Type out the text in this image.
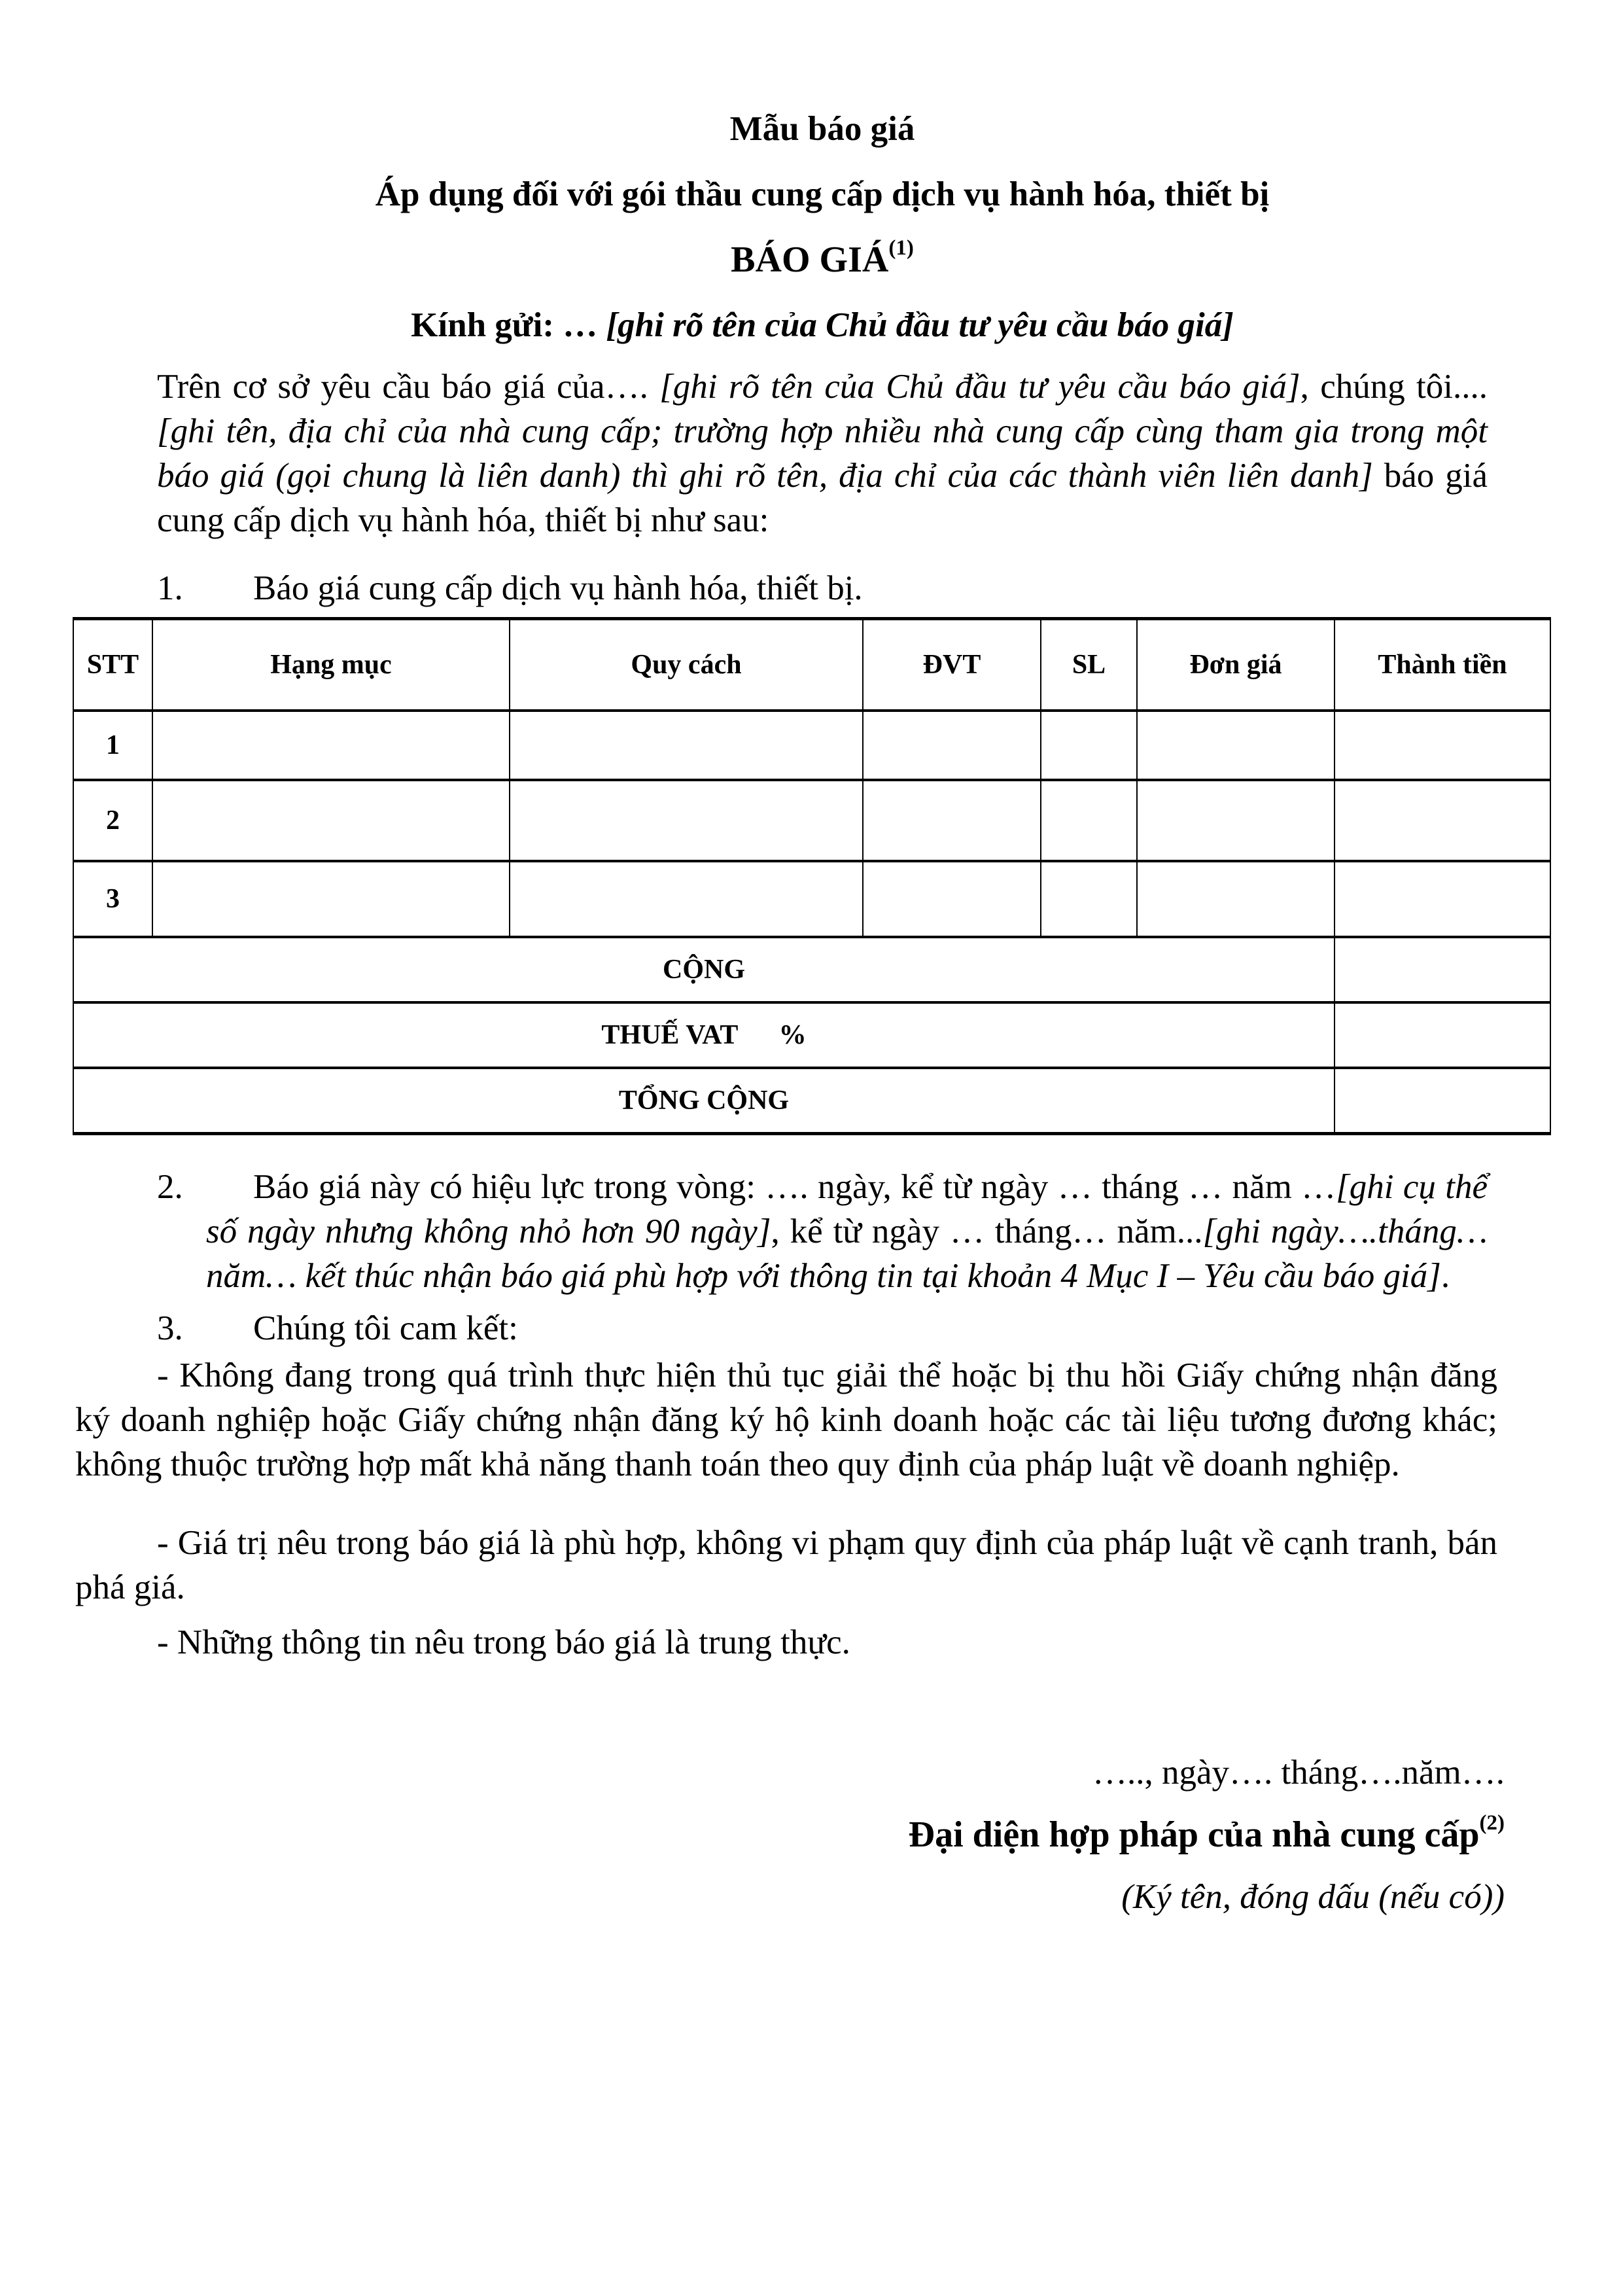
Mẫu báo giá
Áp dụng đối với gói thầu cung cấp dịch vụ hành hóa, thiết bị
BÁO GIÁ$^{(1)}$
Kính gửi: … [ghi rõ tên của Chủ đầu tư yêu cầu báo giá]

Trên cơ sở yêu cầu báo giá của…. [ghi rõ tên của Chủ đầu tư yêu cầu báo giá], chúng tôi....[ghi tên, địa chỉ của nhà cung cấp; trường hợp nhiều nhà cung cấp cùng tham gia trong một báo giá (gọi chung là liên danh) thì ghi rõ tên, địa chỉ của các thành viên liên danh] báo giá cung cấp dịch vụ hành hóa, thiết bị như sau:

1. Báo giá cung cấp dịch vụ hành hóa, thiết bị.
STT	Hạng mục	Quy cách	ĐVT	SL	Đơn giá	Thành tiền
1						
2						
3						
CỘNG						
THUẾ VAT      %						
TỔNG CỘNG						

2. Báo giá này có hiệu lực trong vòng: …. ngày, kể từ ngày … tháng … năm …[ghi cụ thể số ngày nhưng không nhỏ hơn 90 ngày], kể từ ngày … tháng… năm...[ghi ngày….tháng…năm… kết thúc nhận báo giá phù hợp với thông tin tại khoản 4 Mục I – Yêu cầu báo giá].

3. Chúng tôi cam kết:

- Không đang trong quá trình thực hiện thủ tục giải thể hoặc bị thu hồi Giấy chứng nhận đăng ký doanh nghiệp hoặc Giấy chứng nhận đăng ký hộ kinh doanh hoặc các tài liệu tương đương khác; không thuộc trường hợp mất khả năng thanh toán theo quy định của pháp luật về doanh nghiệp.

- Giá trị nêu trong báo giá là phù hợp, không vi phạm quy định của pháp luật về cạnh tranh, bán phá giá.

- Những thông tin nêu trong báo giá là trung thực.

….., ngày…. tháng….năm….
Đại diện hợp pháp của nhà cung cấp$^{(2)}$
(Ký tên, đóng dấu (nếu có))
